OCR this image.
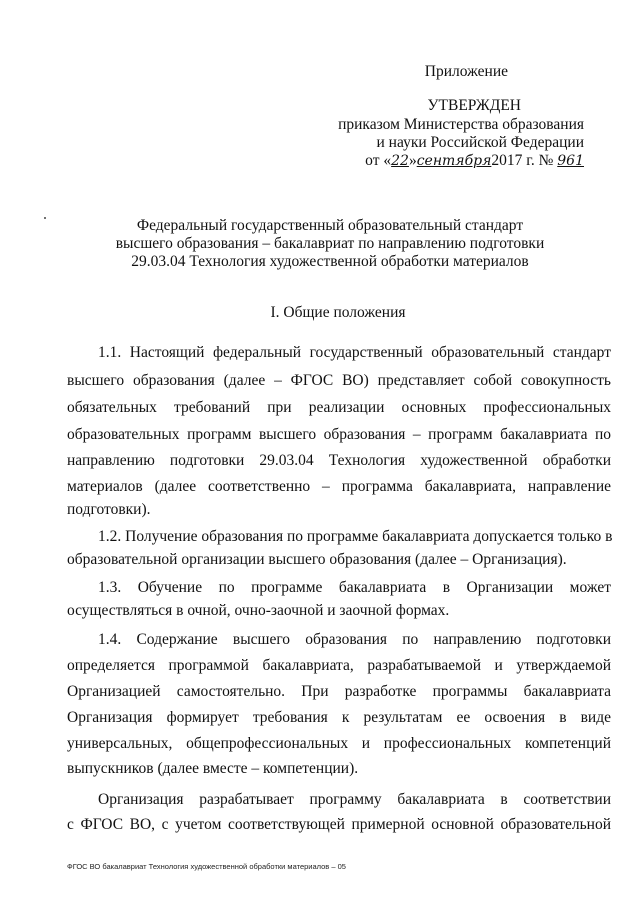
Приложение
УТВЕРЖДЕН
приказом Министерства образования
и науки Российской Федерации
от «22»сентября2017 г. № 961
Федеральный государственный образовательный стандарт
высшего образования – бакалавриат по направлению подготовки
29.03.04 Технология художественной обработки материалов
I. Общие положения
1.1. Настоящий федеральный государственный образовательный стандарт
высшего образования (далее – ФГОС ВО) представляет собой совокупность
обязательных требований при реализации основных профессиональных
образовательных программ высшего образования – программ бакалавриата по
направлению подготовки 29.03.04 Технология художественной обработки
материалов (далее соответственно – программа бакалавриата, направление
подготовки).
1.2. Получение образования по программе бакалавриата допускается только в
образовательной организации высшего образования (далее – Организация).
1.3. Обучение по программе бакалавриата в Организации может
осуществляться в очной, очно-заочной и заочной формах.
1.4. Содержание высшего образования по направлению подготовки
определяется программой бакалавриата, разрабатываемой и утверждаемой
Организацией самостоятельно. При разработке программы бакалавриата
Организация формирует требования к результатам ее освоения в виде
универсальных, общепрофессиональных и профессиональных компетенций
выпускников (далее вместе – компетенции).
Организация разрабатывает программу бакалавриата в соответствии
с ФГОС ВО, с учетом соответствующей примерной основной образовательной
ФГОС ВО бакалавриат Технология художественной обработки материалов – 05
